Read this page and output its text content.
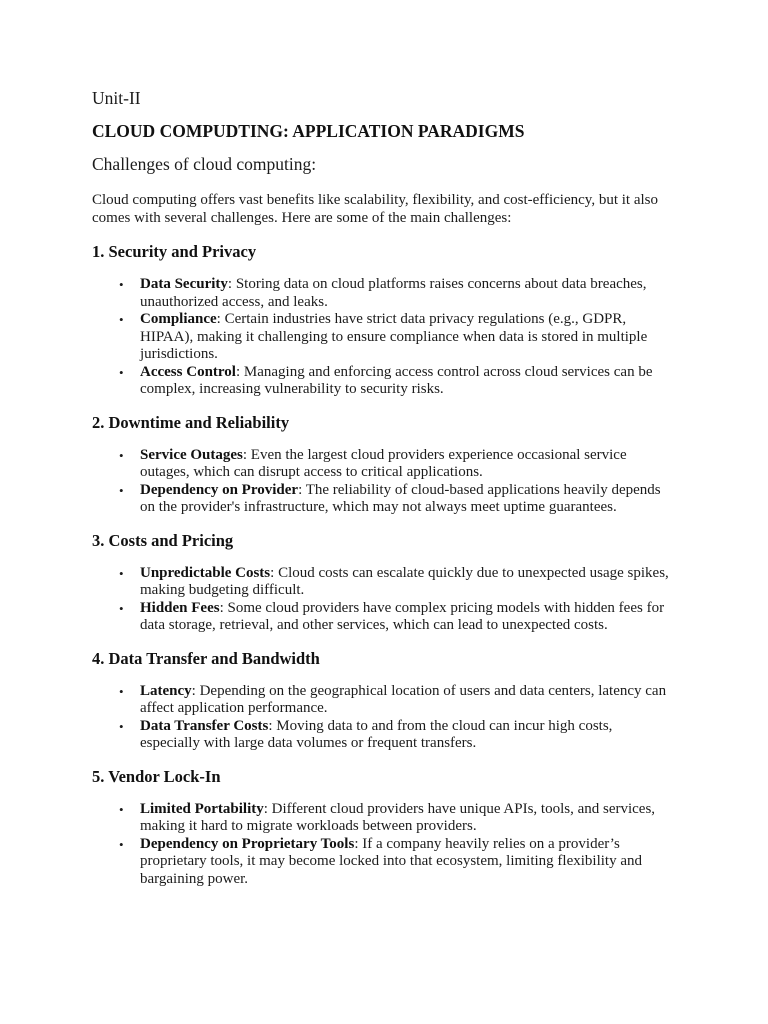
Unit-II

CLOUD COMPUDTING: APPLICATION PARADIGMS

Challenges of cloud computing:

Cloud computing offers vast benefits like scalability, flexibility, and cost-efficiency, but it also comes with several challenges. Here are some of the main challenges:

1. Security and Privacy
• Data Security: Storing data on cloud platforms raises concerns about data breaches, unauthorized access, and leaks.
• Compliance: Certain industries have strict data privacy regulations (e.g., GDPR, HIPAA), making it challenging to ensure compliance when data is stored in multiple jurisdictions.
• Access Control: Managing and enforcing access control across cloud services can be complex, increasing vulnerability to security risks.
2. Downtime and Reliability
• Service Outages: Even the largest cloud providers experience occasional service outages, which can disrupt access to critical applications.
• Dependency on Provider: The reliability of cloud-based applications heavily depends on the provider's infrastructure, which may not always meet uptime guarantees.
3. Costs and Pricing
• Unpredictable Costs: Cloud costs can escalate quickly due to unexpected usage spikes, making budgeting difficult.
• Hidden Fees: Some cloud providers have complex pricing models with hidden fees for data storage, retrieval, and other services, which can lead to unexpected costs.
4. Data Transfer and Bandwidth
• Latency: Depending on the geographical location of users and data centers, latency can affect application performance.
• Data Transfer Costs: Moving data to and from the cloud can incur high costs, especially with large data volumes or frequent transfers.
5. Vendor Lock-In
• Limited Portability: Different cloud providers have unique APIs, tools, and services, making it hard to migrate workloads between providers.
• Dependency on Proprietary Tools: If a company heavily relies on a provider’s proprietary tools, it may become locked into that ecosystem, limiting flexibility and bargaining power.
